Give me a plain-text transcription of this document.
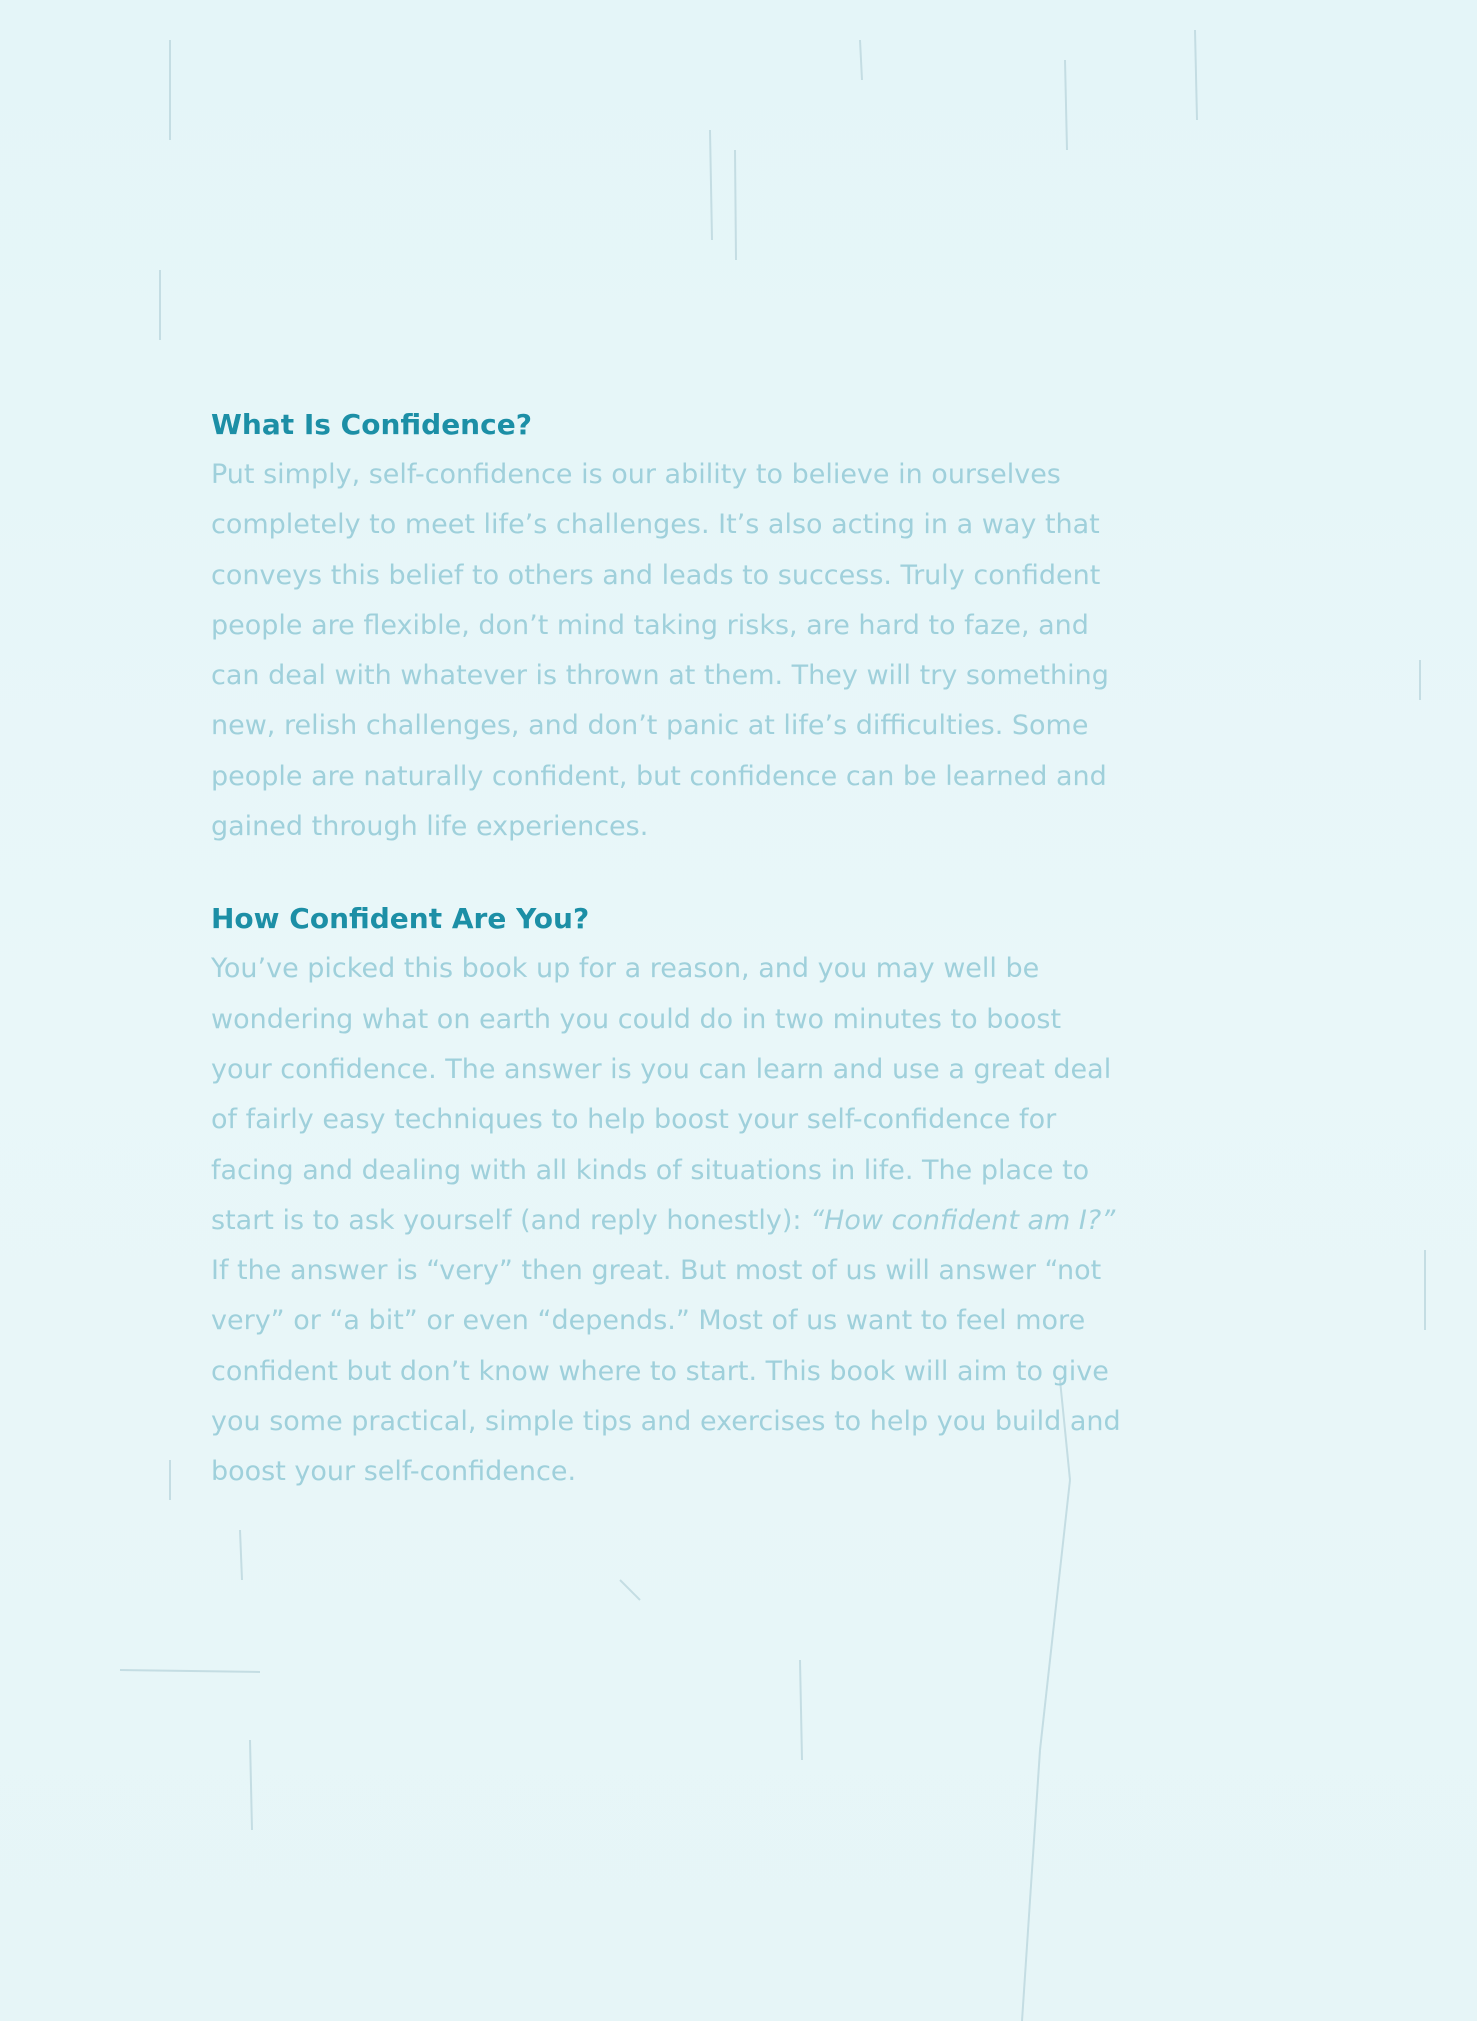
What Is Confidence?
Put simply, self-confidence is our ability to believe in ourselves
completely to meet life’s challenges. It’s also acting in a way that
conveys this belief to others and leads to success. Truly confident
people are flexible, don’t mind taking risks, are hard to faze, and
can deal with whatever is thrown at them. They will try something
new, relish challenges, and don’t panic at life’s difficulties. Some
people are naturally confident, but confidence can be learned and
gained through life experiences.
How Confident Are You?
You’ve picked this book up for a reason, and you may well be
wondering what on earth you could do in two minutes to boost
your confidence. The answer is you can learn and use a great deal
of fairly easy techniques to help boost your self-confidence for
facing and dealing with all kinds of situations in life. The place to
start is to ask yourself (and reply honestly): “How confident am I?”
If the answer is “very” then great. But most of us will answer “not
very” or “a bit” or even “depends.” Most of us want to feel more
confident but don’t know where to start. This book will aim to give
you some practical, simple tips and exercises to help you build and
boost your self-confidence.
